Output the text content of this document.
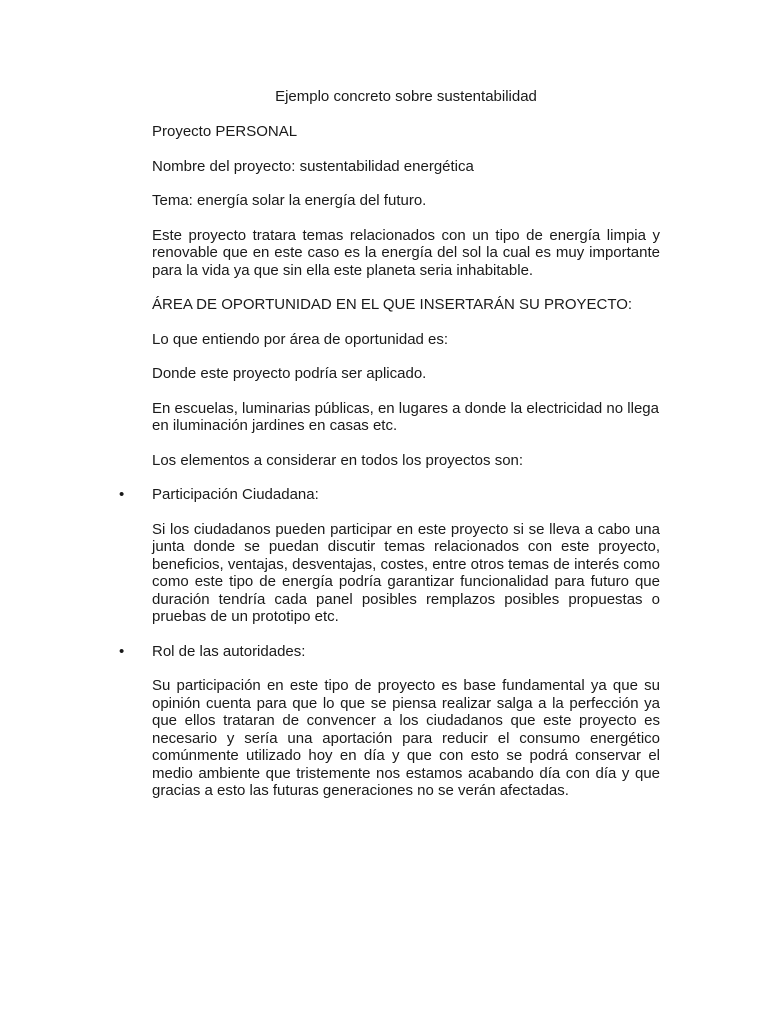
Ejemplo concreto sobre sustentabilidad
Proyecto PERSONAL
Nombre del proyecto: sustentabilidad energética
Tema: energía solar la energía del futuro.
Este proyecto tratara temas relacionados con un tipo de energía limpia y renovable que en este caso es la energía del sol la cual es muy importante para la vida ya que sin ella este planeta seria inhabitable.
ÁREA DE OPORTUNIDAD EN EL QUE INSERTARÁN SU PROYECTO:
Lo que entiendo por área de oportunidad es:
Donde este proyecto podría ser aplicado.
En escuelas, luminarias públicas, en lugares a donde la electricidad no llega en iluminación jardines en casas etc.
Los elementos a considerar en todos los proyectos son:
• Participación Ciudadana:
Si los ciudadanos pueden participar en este proyecto si se lleva a cabo una junta donde se puedan discutir temas relacionados con este proyecto, beneficios, ventajas, desventajas, costes, entre otros temas de interés como como este tipo de energía podría garantizar funcionalidad para futuro que duración tendría cada panel posibles remplazos posibles propuestas o pruebas de un prototipo etc.
• Rol de las autoridades:
Su participación en este tipo de proyecto es base fundamental ya que su opinión cuenta para que lo que se piensa realizar salga a la perfección ya que ellos trataran de convencer a los ciudadanos que este proyecto es necesario y sería una aportación para reducir el consumo energético comúnmente utilizado hoy en día y que con esto se podrá conservar el medio ambiente que tristemente nos estamos acabando día con día y que gracias a esto las futuras generaciones no se verán afectadas.
